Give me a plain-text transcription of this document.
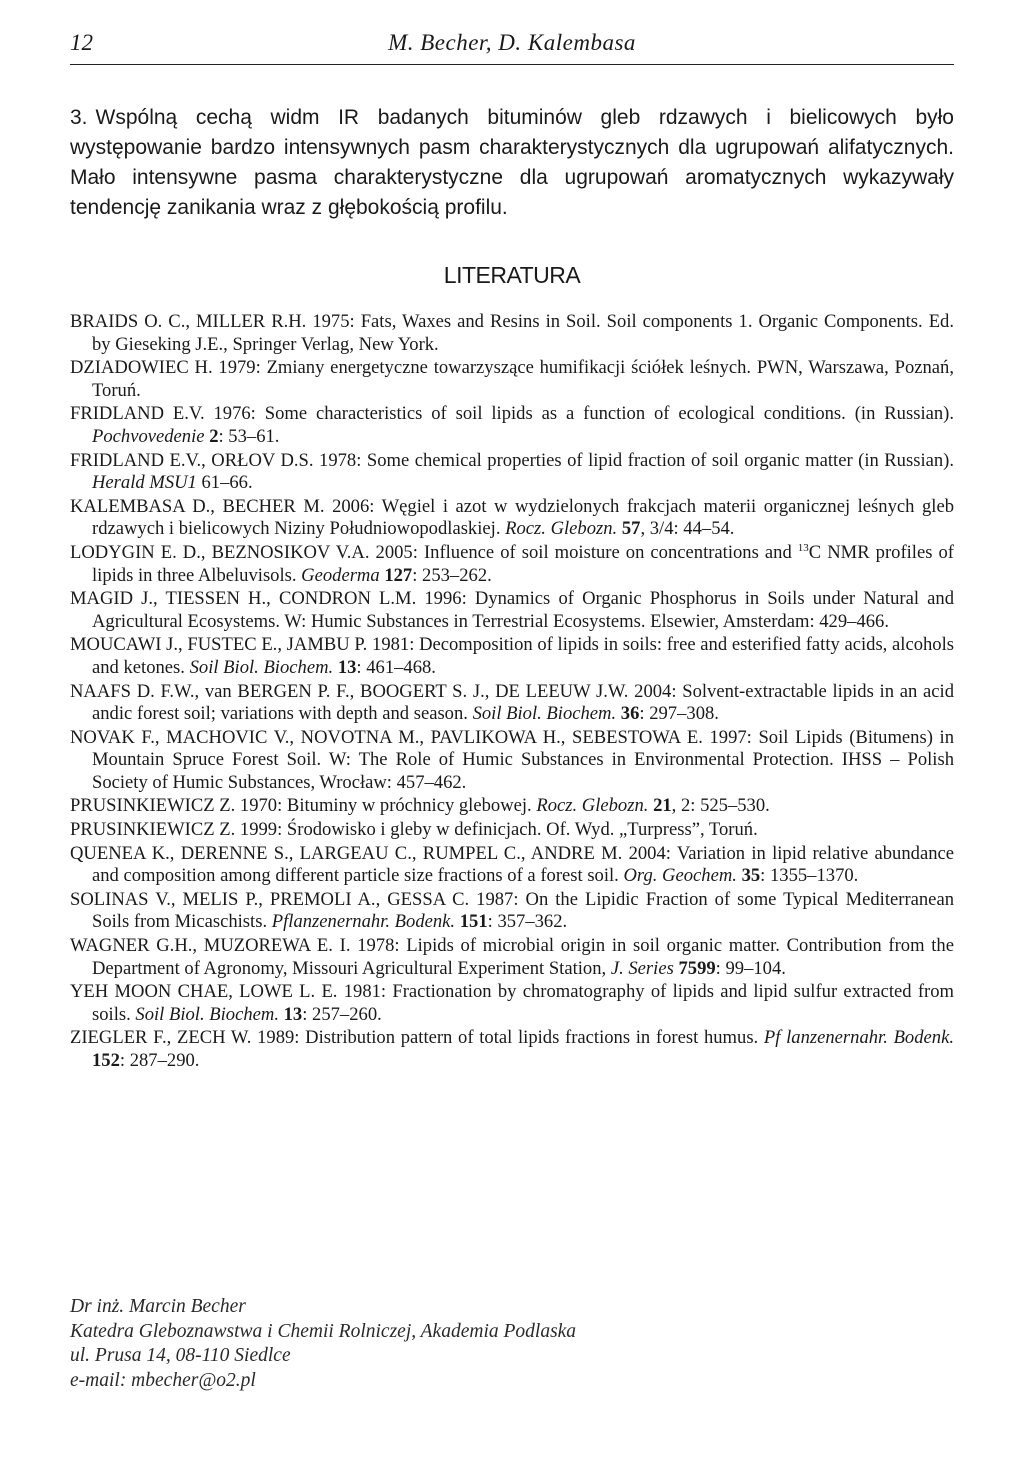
12	M. Becher, D. Kalembasa
3. Wspólną cechą widm IR badanych bituminów gleb rdzawych i bielicowych było występowanie bardzo intensywnych pasm charakterystycznych dla ugrupowań alifatycznych. Mało intensywne pasma charakterystyczne dla ugrupowań aromatycznych wykazywały tendencję zanikania wraz z głębokością profilu.
LITERATURA

BRAIDS O. C., MILLER R.H. 1975: Fats, Waxes and Resins in Soil. Soil components 1. Organic Components. Ed. by Gieseking J.E., Springer Verlag, New York.

DZIADOWIEC H. 1979: Zmiany energetyczne towarzyszące humifikacji ściółek leśnych. PWN, Warszawa, Poznań, Toruń.

FRIDLAND E.V. 1976: Some characteristics of soil lipids as a function of ecological conditions. (in Russian). Pochvovedenie 2: 53–61.

FRIDLAND E.V., ORŁOV D.S. 1978: Some chemical properties of lipid fraction of soil organic matter (in Russian). Herald MSU1 61–66.

KALEMBASA D., BECHER M. 2006: Węgiel i azot w wydzielonych frakcjach materii organicznej leśnych gleb rdzawych i bielicowych Niziny Południowopodlaskiej. Rocz. Glebozn. 57, 3/4: 44–54.

LODYGIN E. D., BEZNOSIKOV V.A. 2005: Influence of soil moisture on concentrations and $^{13}$C NMR profiles of lipids in three Albeluvisols. Geoderma 127: 253–262.

MAGID J., TIESSEN H., CONDRON L.M. 1996: Dynamics of Organic Phosphorus in Soils under Natural and Agricultural Ecosystems. W: Humic Substances in Terrestrial Ecosystems. Elsewier, Amsterdam: 429–466.

MOUCAWI J., FUSTEC E., JAMBU P. 1981: Decomposition of lipids in soils: free and esterified fatty acids, alcohols and ketones. Soil Biol. Biochem. 13: 461–468.

NAAFS D. F.W., van BERGEN P. F., BOOGERT S. J., DE LEEUW J.W. 2004: Solvent-extractable lipids in an acid andic forest soil; variations with depth and season. Soil Biol. Biochem. 36: 297–308.

NOVAK F., MACHOVIC V., NOVOTNA M., PAVLIKOWA H., SEBESTOWA E. 1997: Soil Lipids (Bitumens) in Mountain Spruce Forest Soil. W: The Role of Humic Substances in Environmental Protection. IHSS – Polish Society of Humic Substances, Wrocław: 457–462.

PRUSINKIEWICZ Z. 1970: Bituminy w próchnicy glebowej. Rocz. Glebozn. 21, 2: 525–530.

PRUSINKIEWICZ Z. 1999: Środowisko i gleby w definicjach. Of. Wyd. „Turpress”, Toruń.

QUENEA K., DERENNE S., LARGEAU C., RUMPEL C., ANDRE M. 2004: Variation in lipid relative abundance and composition among different particle size fractions of a forest soil. Org. Geochem. 35: 1355–1370.

SOLINAS V., MELIS P., PREMOLI A., GESSA C. 1987: On the Lipidic Fraction of some Typical Mediterranean Soils from Micaschists. Pflanzenernahr. Bodenk. 151: 357–362.

WAGNER G.H., MUZOREWA E. I. 1978: Lipids of microbial origin in soil organic matter. Contribution from the Department of Agronomy, Missouri Agricultural Experiment Station, J. Series 7599: 99–104.

YEH MOON CHAE, LOWE L. E. 1981: Fractionation by chromatography of lipids and lipid sulfur extracted from soils. Soil Biol. Biochem. 13: 257–260.

ZIEGLER F., ZECH W. 1989: Distribution pattern of total lipids fractions in forest humus. Pf lanzenernahr. Bodenk. 152: 287–290.

Dr inż. Marcin Becher
Katedra Gleboznawstwa i Chemii Rolniczej, Akademia Podlaska
ul. Prusa 14, 08-110 Siedlce
e-mail: mbecher@o2.pl
